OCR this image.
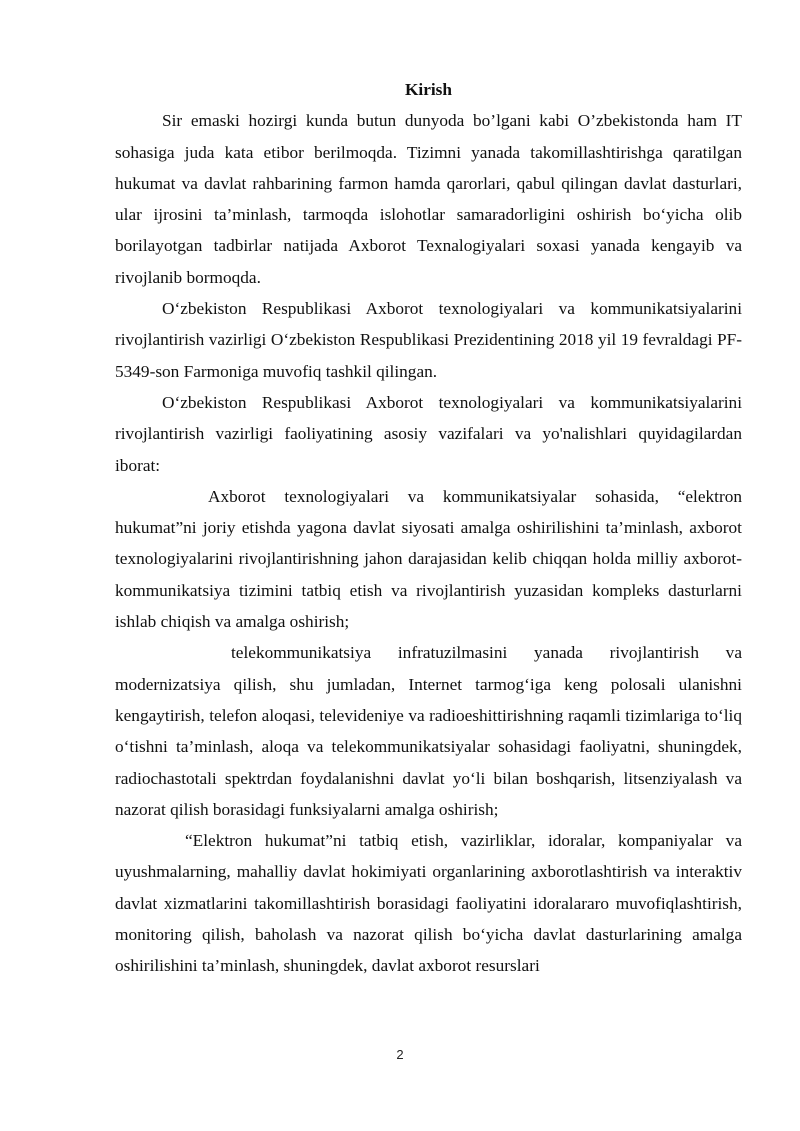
Kirish

Sir emaski hozirgi kunda butun dunyoda bo’lgani kabi O’zbekistonda ham IT sohasiga juda kata etibor berilmoqda. Tizimni yanada takomillashtirishga qaratilgan hukumat va davlat rahbarining farmon hamda qarorlari, qabul qilingan davlat dasturlari, ular ijrosini ta’minlash, tarmoqda islohotlar samaradorligini oshirish bo‘yicha olib borilayotgan tadbirlar natijada Axborot Texnalogiyalari soxasi yanada kengayib va rivojlanib bormoqda.

O‘zbekiston Respublikasi Axborot texnologiyalari va kommunikatsiyalarini rivojlantirish vazirligi O‘zbekiston Respublikasi Prezidentining 2018 yil 19 fevraldagi PF-5349-son Farmoniga muvofiq tashkil qilingan.

O‘zbekiston Respublikasi Axborot texnologiyalari va kommunikatsiyalarini rivojlantirish vazirligi faoliyatining asosiy vazifalari va yo'nalishlari quyidagilardan iborat:

Axborot texnologiyalari va kommunikatsiyalar sohasida, “elektron hukumat”ni joriy etishda yagona davlat siyosati amalga oshirilishini ta’minlash, axborot texnologiyalarini rivojlantirishning jahon darajasidan kelib chiqqan holda milliy axborot-kommunikatsiya tizimini tatbiq etish va rivojlantirish yuzasidan kompleks dasturlarni ishlab chiqish va amalga oshirish;

telekommunikatsiya infratuzilmasini yanada rivojlantirish va modernizatsiya qilish, shu jumladan, Internet tarmog‘iga keng polosali ulanishni kengaytirish, telefon aloqasi, televideniye va radioeshittirishning raqamli tizimlariga to‘liq o‘tishni ta’minlash, aloqa va telekommunikatsiyalar sohasidagi faoliyatni, shuningdek, radiochastotali spektrdan foydalanishni davlat yo‘li bilan boshqarish, litsenziyalash va nazorat qilish borasidagi funksiyalarni amalga oshirish;

“Elektron hukumat”ni tatbiq etish, vazirliklar, idoralar, kompaniyalar va uyushmalarning, mahalliy davlat hokimiyati organlarining axborotlashtirish va interaktiv davlat xizmatlarini takomillashtirish borasidagi faoliyatini idoralararo muvofiqlashtirish, monitoring qilish, baholash va nazorat qilish bo‘yicha davlat dasturlarining amalga oshirilishini ta’minlash, shuningdek, davlat axborot resurslari

2
